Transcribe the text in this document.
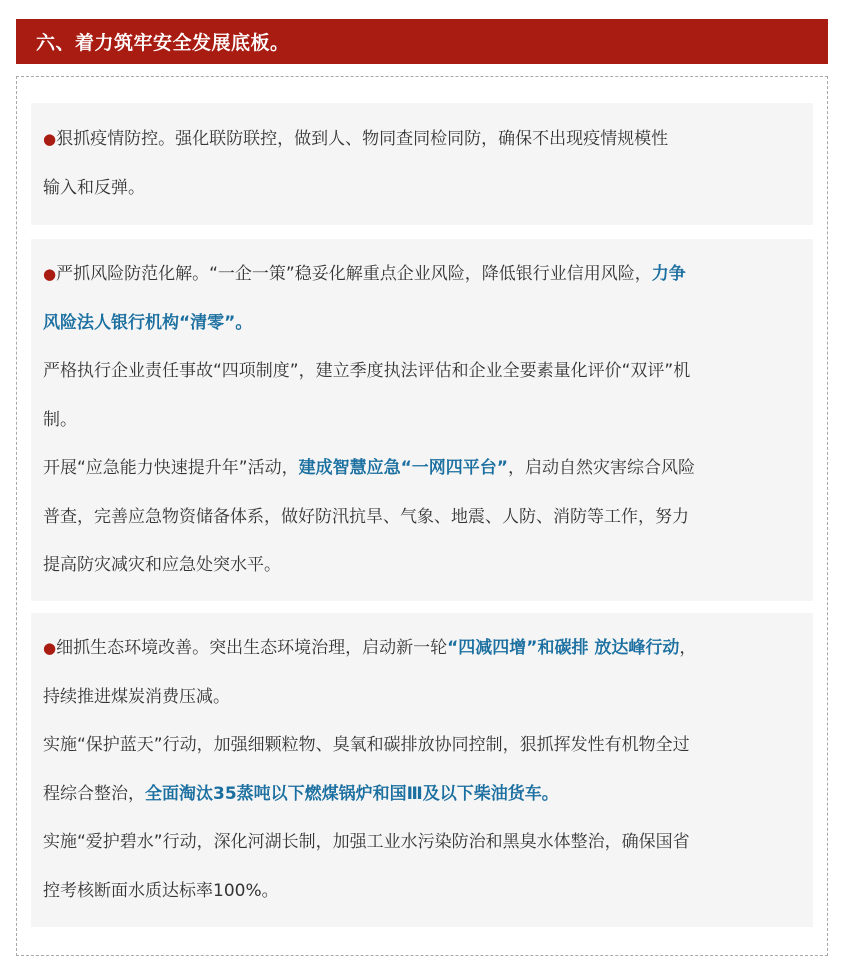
六、着力筑牢安全发展底板。

●狠抓疫情防控。强化联防联控，做到人、物同查同检同防，确保不出现疫情规模性

输入和反弹。

●严抓风险防范化解。“一企一策”稳妥化解重点企业风险，降低银行业信用风险，力争

风险法人银行机构“清零”。

严格执行企业责任事故“四项制度”，建立季度执法评估和企业全要素量化评价“双评”机

制。

开展“应急能力快速提升年”活动，建成智慧应急“一网四平台”，启动自然灾害综合风险

普查，完善应急物资储备体系，做好防汛抗旱、气象、地震、人防、消防等工作，努力

提高防灾减灾和应急处突水平。

●细抓生态环境改善。突出生态环境治理，启动新一轮“四减四增”和碳排 放达峰行动，

持续推进煤炭消费压减。

实施“保护蓝天”行动，加强细颗粒物、臭氧和碳排放协同控制，狠抓挥发性有机物全过

程综合整治，全面淘汰35蒸吨以下燃煤锅炉和国Ⅲ及以下柴油货车。

实施“爱护碧水”行动，深化河湖长制，加强工业水污染防治和黑臭水体整治，确保国省

控考核断面水质达标率100%。
